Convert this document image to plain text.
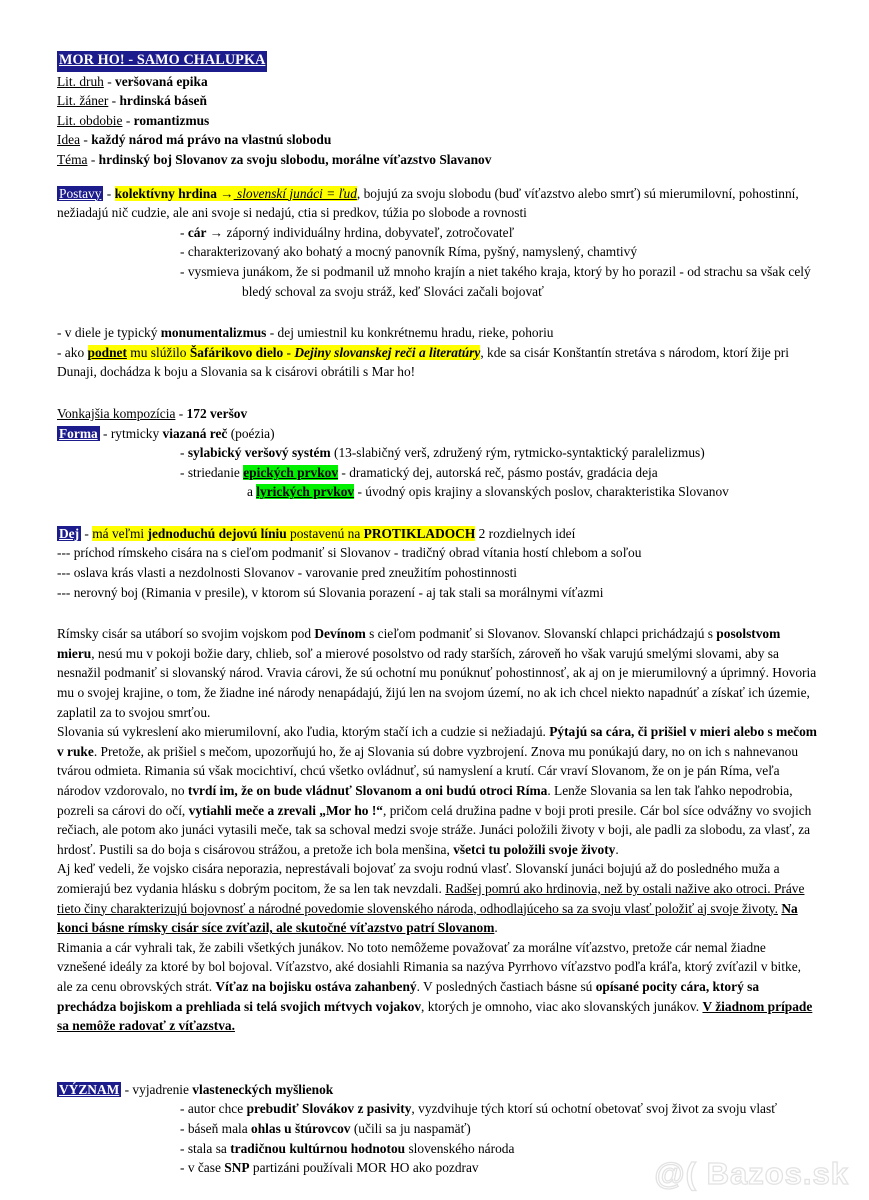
MOR HO! - SAMO CHALUPKA
Lit. druh - veršovaná epika
Lit. žáner - hrdinská báseň
Lit. obdobie - romantizmus
Idea - každý národ má právo na vlastnú slobodu
Téma - hrdinský boj Slovanov za svoju slobodu, morálne víťazstvo Slavanov
Postavy - kolektívny hrdina → slovenskí junáci = ľud, bojujú za svoju slobodu (buď víťazstvo alebo smrť) sú mierumilovní, pohostinní, nežiadajú nič cudzie, ale ani svoje si nedajú, ctia si predkov, túžia po slobode a rovnosti
- cár → záporný individuálny hrdina, dobyvateľ, zotročovateľ
- charakterizovaný ako bohatý a mocný panovník Ríma, pyšný, namyslený, chamtivý
- vysmieva junákom, že si podmanil už mnoho krajín a niet takého kraja, ktorý by ho porazil - od strachu sa však celý bledý schoval za svoju stráž, keď Slováci začali bojovať
- v diele je typický monumentalizmus - dej umiestnil ku konkrétnemu hradu, rieke, pohoriu
- ako podnet mu slúžilo Šafárikovo dielo - Dejiny slovanskej reči a literatúry, kde sa cisár Konštantín stretáva s národom, ktorí žije pri Dunaji, dochádza k boju a Slovania sa k cisárovi obrátili s Mar ho!
Vonkajšia kompozícia - 172 veršov
Forma - rytmicky viazaná reč (poézia)
- sylabický veršový systém (13-slabičný verš, združený rým, rytmicko-syntaktický paralelizmus)
- striedanie epických prvkov - dramatický dej, autorská reč, pásmo postáv, gradácia deja
a lyrických prvkov - úvodný opis krajiny a slovanských poslov, charakteristika Slovanov
Dej - má veľmi jednoduchú dejovú líniu postavenú na PROTIKLADOCH 2 rozdielnych ideí
--- príchod rímskeho cisára na s cieľom podmaniť si Slovanov - tradičný obrad vítania hostí chlebom a soľou
--- oslava krás vlasti a nezdolnosti Slovanov - varovanie pred zneužitím pohostinnosti
--- nerovný boj (Rimania v presile), v ktorom sú Slovania porazení - aj tak stali sa morálnymi víťazmi
Rímsky cisár sa utáborí so svojim vojskom pod Devínom s cieľom podmaniť si Slovanov. Slovanskí chlapci prichádzajú s posolstvom mieru, nesú mu v pokoji božie dary, chlieb, soľ a mierové posolstvo od rady starších, zároveň ho však varujú smelými slovami, aby sa nesnažil podmaniť si slovanský národ. Vravia cárovi, že sú ochotní mu ponúknuť pohostinnosť, ak aj on je mierumilovný a úprimný. Hovoria mu o svojej krajine, o tom, že žiadne iné národy nenapádajú, žijú len na svojom území, no ak ich chcel niekto napadnúť a získať ich územie, zaplatil za to svojou smrťou.
Slovania sú vykreslení ako mierumilovní, ako ľudia, ktorým stačí ich a cudzie si nežiadajú. Pýtajú sa cára, či prišiel v mieri alebo s mečom v ruke. Pretože, ak prišiel s mečom, upozorňujú ho, že aj Slovania sú dobre vyzbrojení. Znova mu ponúkajú dary, no on ich s nahnevanou tvárou odmieta. Rimania sú však mocichtiví, chcú všetko ovládnuť, sú namyslení a krutí. Cár vraví Slovanom, že on je pán Ríma, veľa národov vzdorovalo, no tvrdí im, že on bude vládnuť Slovanom a oni budú otroci Ríma. Lenže Slovania sa len tak ľahko nepodrobia, pozreli sa cárovi do očí, vytiahli meče a zrevali „Mor ho !“, pričom celá družina padne v boji proti presile. Cár bol síce odvážny vo svojich rečiach, ale potom ako junáci vytasili meče, tak sa schoval medzi svoje stráže. Junáci položili životy v boji, ale padli za slobodu, za vlasť, za hrdosť. Pustili sa do boja s cisárovou strážou, a pretože ich bola menšina, všetci tu položili svoje životy.
Aj keď vedeli, že vojsko cisára neporazia, neprestávali bojovať za svoju rodnú vlasť. Slovanskí junáci bojujú až do posledného muža a zomierajú bez vydania hlásku s dobrým pocitom, že sa len tak nevzdali. Radšej pomrú ako hrdinovia, než by ostali nažive ako otroci. Práve tieto činy charakterizujú bojovnosť a národné povedomie slovenského národa, odhodlajúceho sa za svoju vlasť položiť aj svoje životy. Na konci básne rímsky cisár síce zvíťazil, ale skutočné víťazstvo patrí Slovanom.
Rimania a cár vyhrali tak, že zabili všetkých junákov. No toto nemôžeme považovať za morálne víťazstvo, pretože cár nemal žiadne vznešené ideály za ktoré by bol bojoval. Víťazstvo, aké dosiahli Rimania sa nazýva Pyrrhovo víťazstvo podľa kráľa, ktorý zvíťazil v bitke, ale za cenu obrovských strát. Víťaz na bojisku ostáva zahanbený. V posledných častiach básne sú opísané pocity cára, ktorý sa prechádza bojiskom a prehliada si telá svojich mŕtvych vojakov, ktorých je omnoho, viac ako slovanských junákov. V žiadnom prípade sa nemôže radovať z víťazstva.
VÝZNAM - vyjadrenie vlasteneckých myšlienok
- autor chce prebudiť Slovákov z pasivity, vyzdvihuje tých ktorí sú ochotní obetovať svoj život za svoju vlasť
- báseň mala ohlas u štúrovcov (učili sa ju naspamäť)
- stala sa tradičnou kultúrnou hodnotou slovenského národa
- v čase SNP partizáni používali MOR HO ako pozdrav	@( Bazos.sk
